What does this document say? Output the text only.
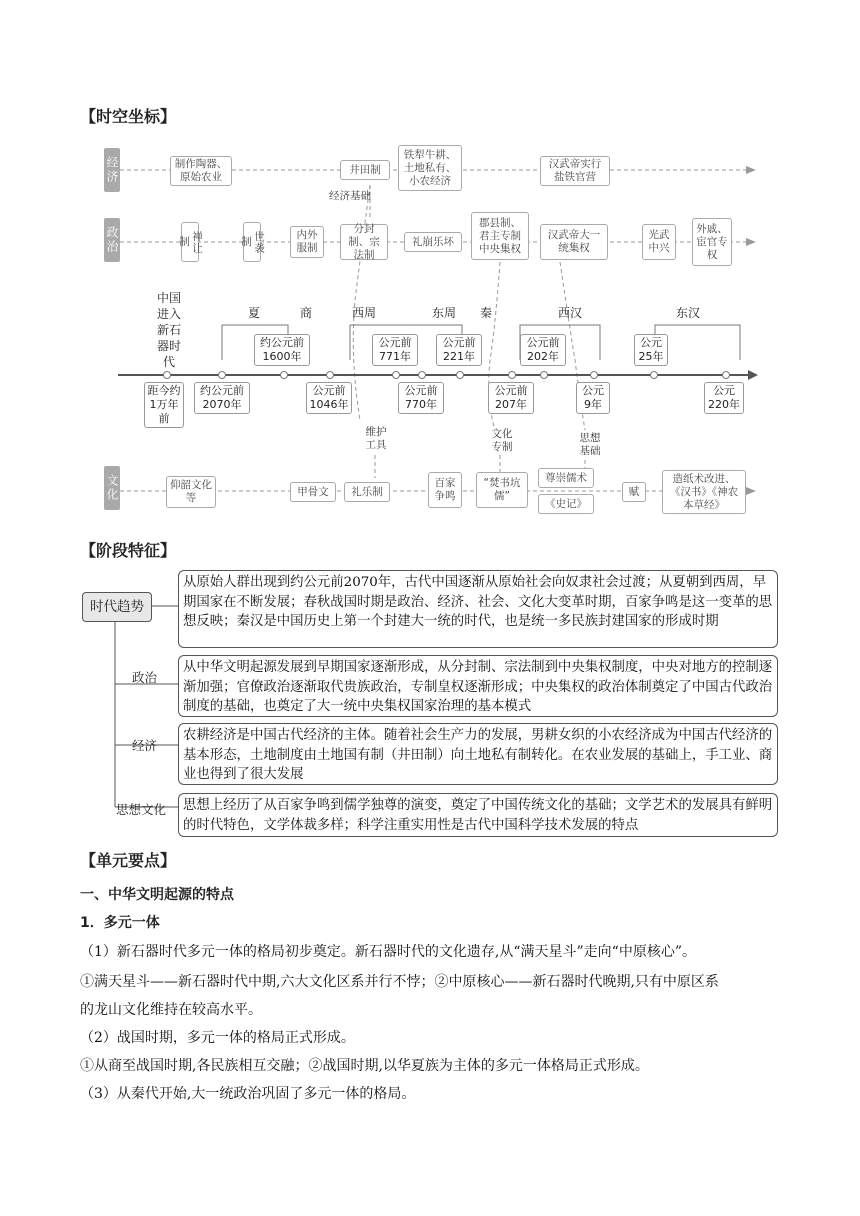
【时空坐标】
经济
政治
文化
制作陶器、原始农业
井田制
铁犁牛耕、土地私有、小农经济
汉武帝实行盐铁官营
经济基础
禅让制	世袭制
内外服制
分封制、宗法制
礼崩乐坏
郡县制、君主专制中央集权
汉武帝大一统集权
光武中兴
外戚、宦官专权
中国进入新石器时代
夏	商	西周	东周	秦	西汉	东汉
约公元前1600年
公元前771年
公元前221年
公元前202年
公元25年
距今约1万年前
约公元前2070年
公元前1046年
公元前770年
公元前207年
公元9年
公元220年
维护工具
文化专制
思想基础
仰韶文化等
甲骨文	礼乐制
百家争鸣
“焚书坑儒”
尊崇儒术
《史记》
赋
造纸术改进、《汉书》《神农本草经》
【阶段特征】
时代趋势
从原始人群出现到约公元前2070年，古代中国逐渐从原始社会向奴隶社会过渡；从夏朝到西周，早期国家在不断发展；春秋战国时期是政治、经济、社会、文化大变革时期，百家争鸣是这一变革的思想反映；秦汉是中国历史上第一个封建大一统的时代，也是统一多民族封建国家的形成时期
政治
从中华文明起源发展到早期国家逐渐形成，从分封制、宗法制到中央集权制度，中央对地方的控制逐渐加强；官僚政治逐渐取代贵族政治，专制皇权逐渐形成；中央集权的政治体制奠定了中国古代政治制度的基础，也奠定了大一统中央集权国家治理的基本模式
经济
农耕经济是中国古代经济的主体。随着社会生产力的发展，男耕女织的小农经济成为中国古代经济的基本形态，土地制度由土地国有制（井田制）向土地私有制转化。在农业发展的基础上，手工业、商业也得到了很大发展
思想文化	思想上经历了从百家争鸣到儒学独尊的演变，奠定了中国传统文化的基础；文学艺术的发展具有鲜明的时代特色，文学体裁多样；科学注重实用性是古代中国科学技术发展的特点
【单元要点】
一、中华文明起源的特点
1．多元一体
（1）新石器时代多元一体的格局初步奠定。新石器时代的文化遗存,从“满天星斗”走向“中原核心”。
①满天星斗——新石器时代中期,六大文化区系并行不悖；②中原核心——新石器时代晚期,只有中原区系
的龙山文化维持在较高水平。
（2）战国时期，多元一体的格局正式形成。
①从商至战国时期,各民族相互交融；②战国时期,以华夏族为主体的多元一体格局正式形成。
（3）从秦代开始,大一统政治巩固了多元一体的格局。
